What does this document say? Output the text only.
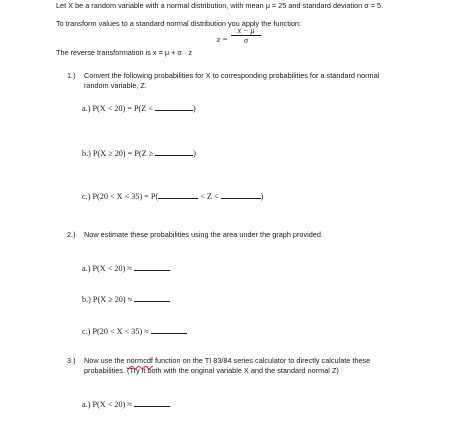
Let X be a random variable with a normal distribution, with mean μ = 25 and standard deviation σ = 5.
To transform values to a standard normal distribution you apply the function:
$z = \frac{x - \mu}{\sigma}$
The reverse transformation is x = μ + σ · z
1.) Convert the following probabilities for X to corresponding probabilities for a standard normal
random variable, Z.
a.) P(X < 20) = P(Z <	)
b.) P(X ≥ 20) = P(Z ≥	)
c.) P(20 < X < 35) = P(	< Z <	)
2.) Now estimate these probabilities using the area under the graph provided.
a.) P(X < 20) ≈
b.) P(X ≥ 20) ≈
c.) P(20 < X < 35) ≈
3.) Now use the normcdf function on the TI 83/84 series calculator to directly calculate these
probabilities. (Try it both with the original variable X and the standard normal Z)
a.) P(X < 20) ≈
